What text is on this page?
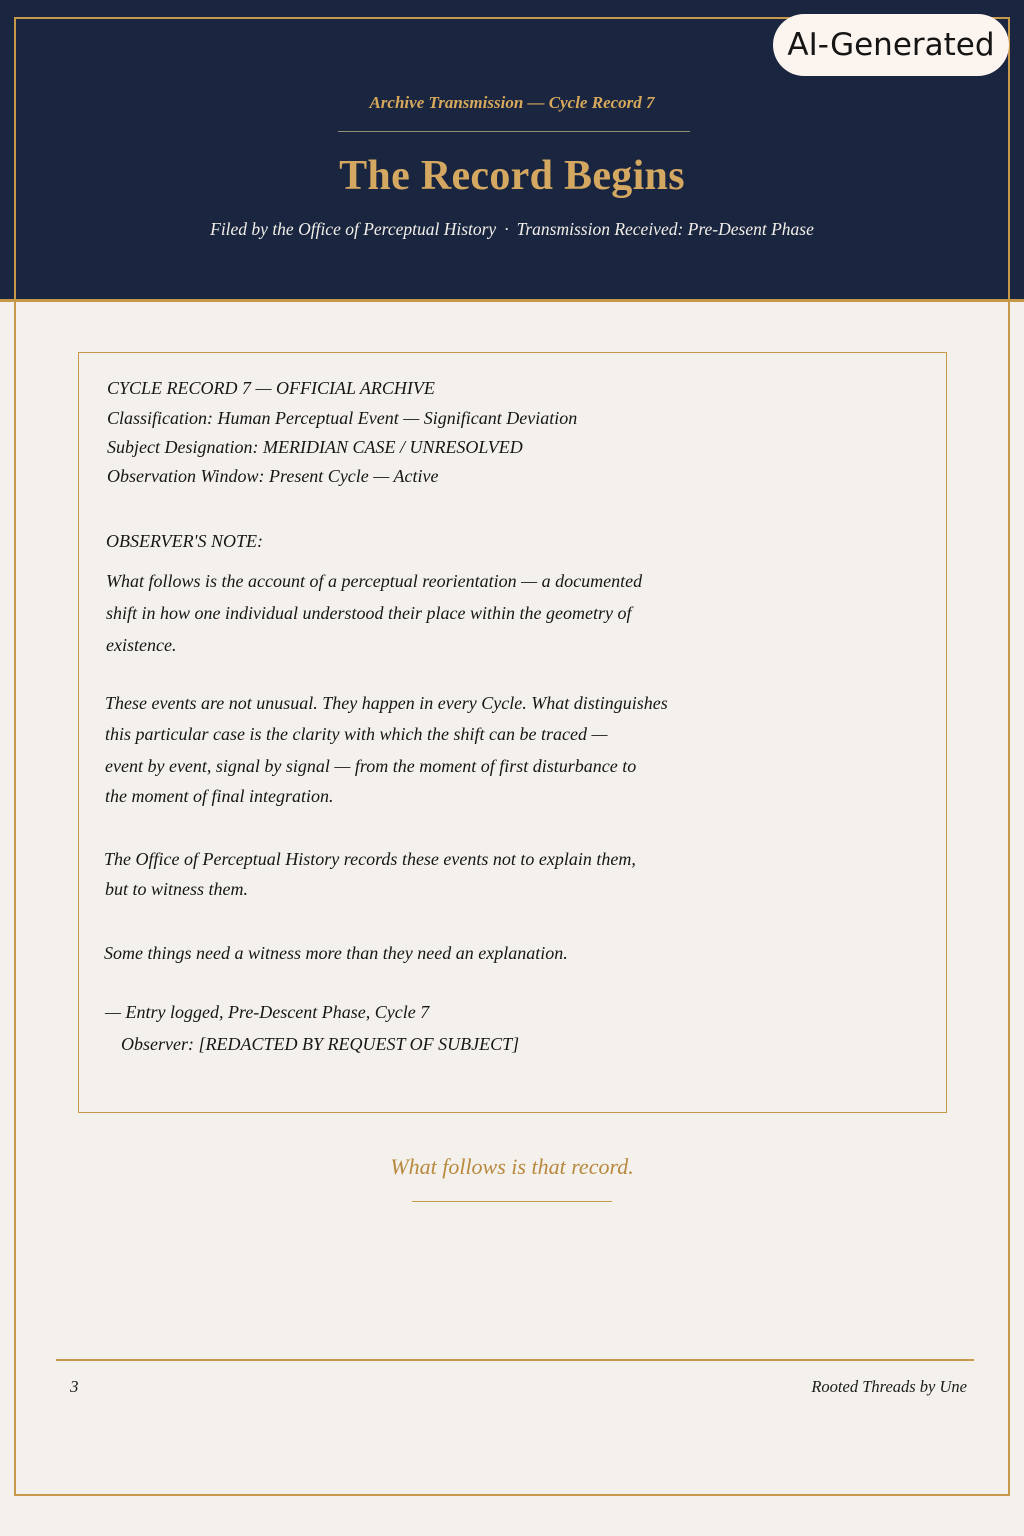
Archive Transmission — Cycle Record 7
The Record Begins
Filed by the Office of Perceptual History · Transmission Received: Pre-Desent Phase
AI-Generated
CYCLE RECORD 7 — OFFICIAL ARCHIVE
Classification: Human Perceptual Event — Significant Deviation
Subject Designation: MERIDIAN CASE / UNRESOLVED
Observation Window: Present Cycle — Active
OBSERVER'S NOTE:
What follows is the account of a perceptual reorientation — a documented
shift in how one individual understood their place within the geometry of
existence.
These events are not unusual. They happen in every Cycle. What distinguishes
this particular case is the clarity with which the shift can be traced —
event by event, signal by signal — from the moment of first disturbance to
the moment of final integration.
The Office of Perceptual History records these events not to explain them,
but to witness them.
Some things need a witness more than they need an explanation.
— Entry logged, Pre-Descent Phase, Cycle 7
Observer: [REDACTED BY REQUEST OF SUBJECT]
What follows is that record.
3	Rooted Threads by Une
